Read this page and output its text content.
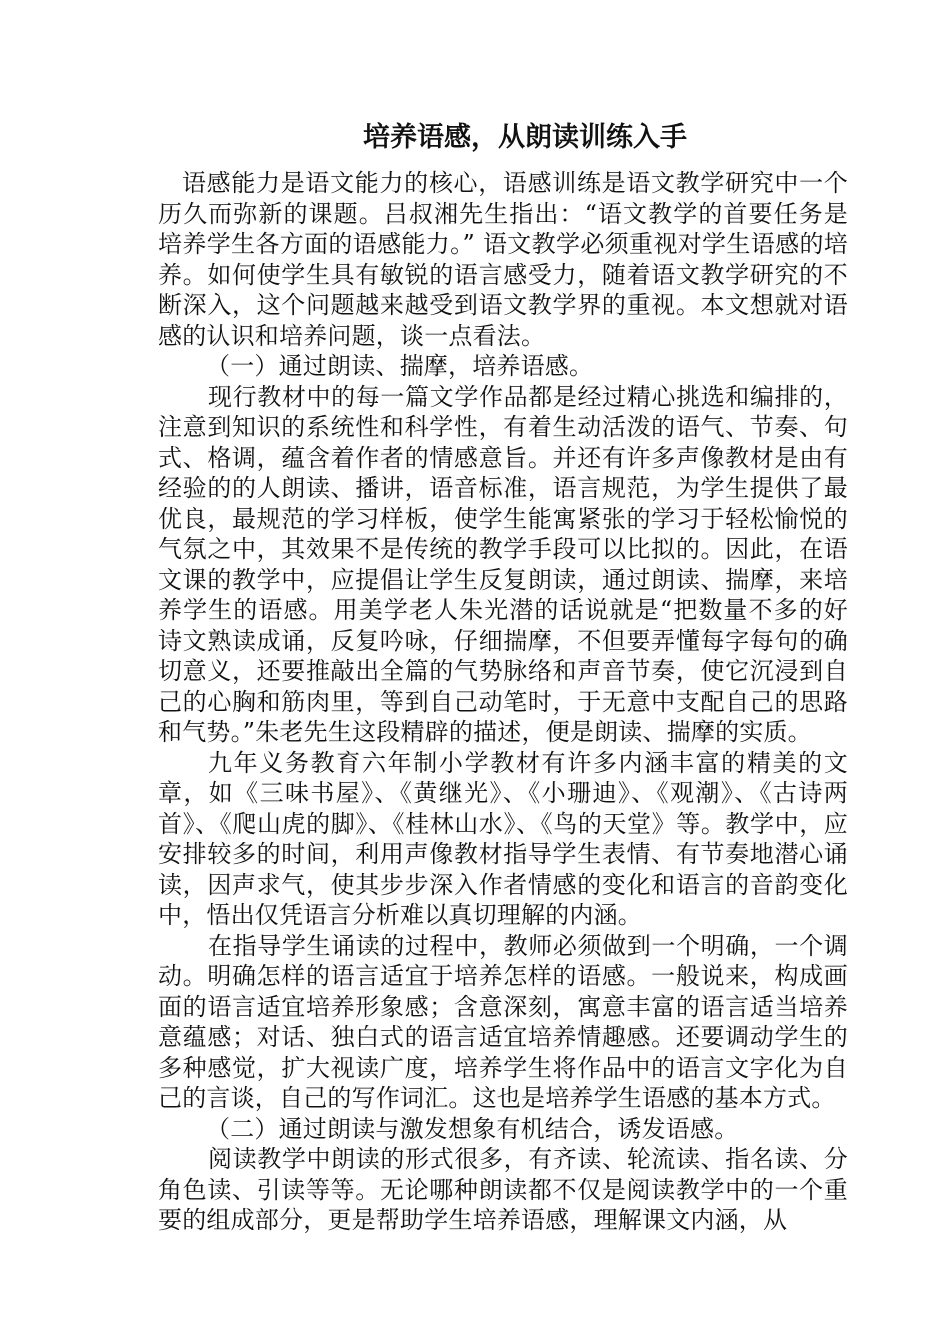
培养语感，从朗读训练入手

语感能力是语文能力的核心，语感训练是语文教学研究中一个历久而弥新的课题。吕叔湘先生指出：“语文教学的首要任务是培养学生各方面的语感能力。” 语文教学必须重视对学生语感的培养。如何使学生具有敏锐的语言感受力，随着语文教学研究的不断深入，这个问题越来越受到语文教学界的重视。本文想就对语感的认识和培养问题，谈一点看法。

（一）通过朗读、揣摩，培养语感。

现行教材中的每一篇文学作品都是经过精心挑选和编排的，注意到知识的系统性和科学性，有着生动活泼的语气、节奏、句式、格调，蕴含着作者的情感意旨。并还有许多声像教材是由有经验的的人朗读、播讲，语音标准，语言规范，为学生提供了最优良，最规范的学习样板，使学生能寓紧张的学习于轻松愉悦的气氛之中，其效果不是传统的教学手段可以比拟的。因此，在语文课的教学中，应提倡让学生反复朗读，通过朗读、揣摩，来培养学生的语感。用美学老人朱光潜的话说就是“把数量不多的好诗文熟读成诵，反复吟咏，仔细揣摩，不但要弄懂每字每句的确切意义，还要推敲出全篇的气势脉络和声音节奏，使它沉浸到自己的心胸和筋肉里，等到自己动笔时，于无意中支配自己的思路和气势。”朱老先生这段精辟的描述，便是朗读、揣摩的实质。

九年义务教育六年制小学教材有许多内涵丰富的精美的文章，如《三味书屋》、《黄继光》、《小珊迪》、《观潮》、《古诗两首》、《爬山虎的脚》、《桂林山水》、《鸟的天堂》等。教学中，应安排较多的时间，利用声像教材指导学生表情、有节奏地潜心诵读，因声求气，使其步步深入作者情感的变化和语言的音韵变化中，悟出仅凭语言分析难以真切理解的内涵。

在指导学生诵读的过程中，教师必须做到一个明确，一个调动。明确怎样的语言适宜于培养怎样的语感。一般说来，构成画面的语言适宜培养形象感；含意深刻，寓意丰富的语言适当培养意蕴感；对话、独白式的语言适宜培养情趣感。还要调动学生的多种感觉，扩大视读广度，培养学生将作品中的语言文字化为自己的言谈，自己的写作词汇。这也是培养学生语感的基本方式。

（二）通过朗读与激发想象有机结合，诱发语感。

阅读教学中朗读的形式很多，有齐读、轮流读、指名读、分角色读、引读等等。无论哪种朗读都不仅是阅读教学中的一个重要的组成部分，更是帮助学生培养语感，理解课文内涵，从
